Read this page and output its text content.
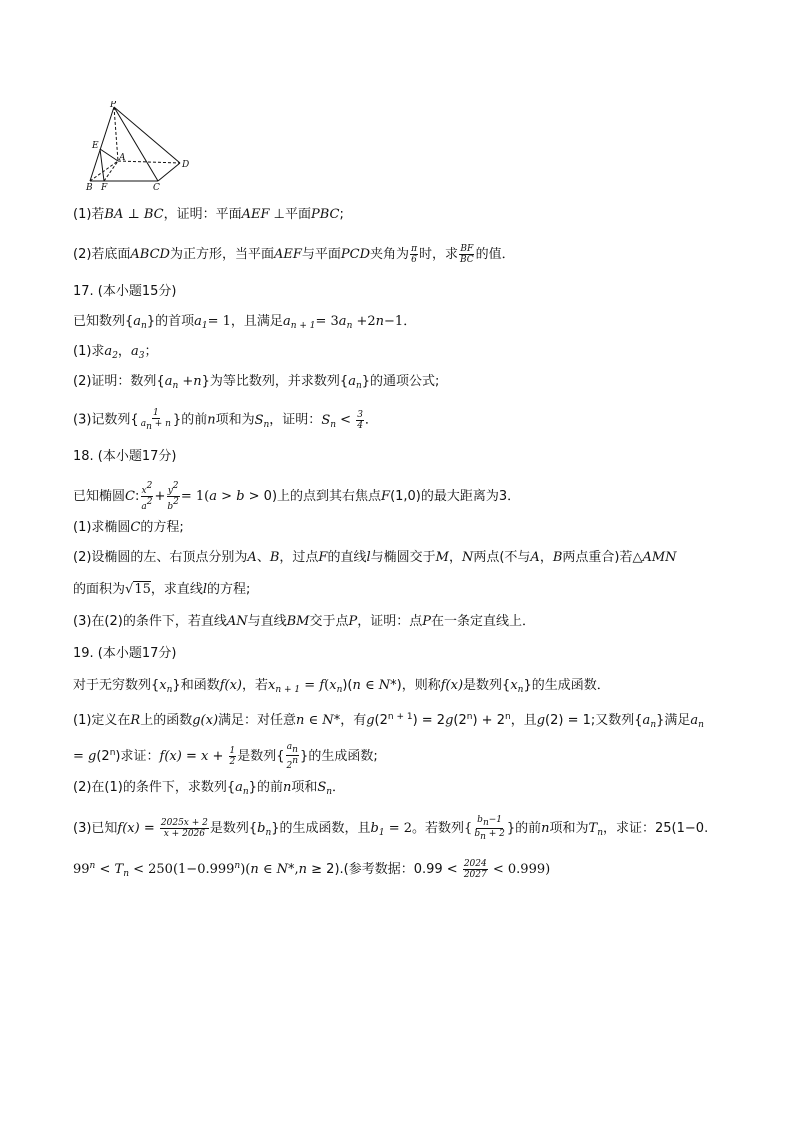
P
E
A
D
B F	C
(1)若BA ⊥ BC，证明：平面AEF ⊥平面PBC;
(2)若底面ABCD为正方形，当平面AEF与平面PCD夹角为 $\frac{\pi}{6}$ 时，求 $\frac{BF}{BC}$ 的值．
17. (本小题15分)
已知数列$\{a_n\}$的首项$a_1= 1$，且满足$a_{n + 1}= 3a_n +2n-1$．
(1)求$a_2$，$a_3$；
(2)证明：数列$\{a_n +n\}$为等比数列，并求数列$\{a_n\}$的通项公式;
(3)记数列{ $\frac{1}{a_n + n}$ }的前n项和为$S_n$，证明：$S_n < \frac{3}{4}$ ．
18. (本小题17分)
已知椭圆C: $\frac{x^2}{a^2} + \frac{y^2}{b^2} = 1(a > b > 0)$上的点到其右焦点F(1,0)的最大距离为3．
(1)求椭圆C的方程;
(2)设椭圆的左、右顶点分别为A、B，过点F的直线l与椭圆交于M，N两点(不与A，B两点重合)若△AMN
的面积为√15，求直线l的方程;
(3)在(2)的条件下，若直线AN与直线BM交于点P，证明：点P在一条定直线上．
19. (本小题17分)
对于无穷数列$\{x_n\}$和函数f(x)，若$x_{n + 1} = f(x_n)(n$ ∈ N*)，则称f(x)是数列$\{x_n\}$的生成函数．
(1)定义在R上的函数g(x)满足：对任意n ∈ N*，有$g(2^{n + 1}) = 2g(2^n) + 2^n$，且g(2) = 1;又数列$\{a_n\}$满足$a_n$
= $g(2^n)$求证：$f(x) = x + \frac{1}{2}$ 是数列{ $\frac{a_n}{2^n}$ }的生成函数;
(2)在(1)的条件下，求数列$\{a_n\}$的前n项和$S_n$．
(3)已知$f(x) = \frac{2025x + 2}{x + 2026}$ 是数列$\{b_n\}$的生成函数，且$b_1 = 2$。若数列{ $\frac{b_n-1}{b_n + 2}$ }的前n项和为$T_n$，求证：25(1−0.
$99^n < T_n < 250(1-0.999^n)(n$ ∈ N*,n ≥ 2).(参考数据：$0.99 < \frac{2024}{2027} < 0.999$)
